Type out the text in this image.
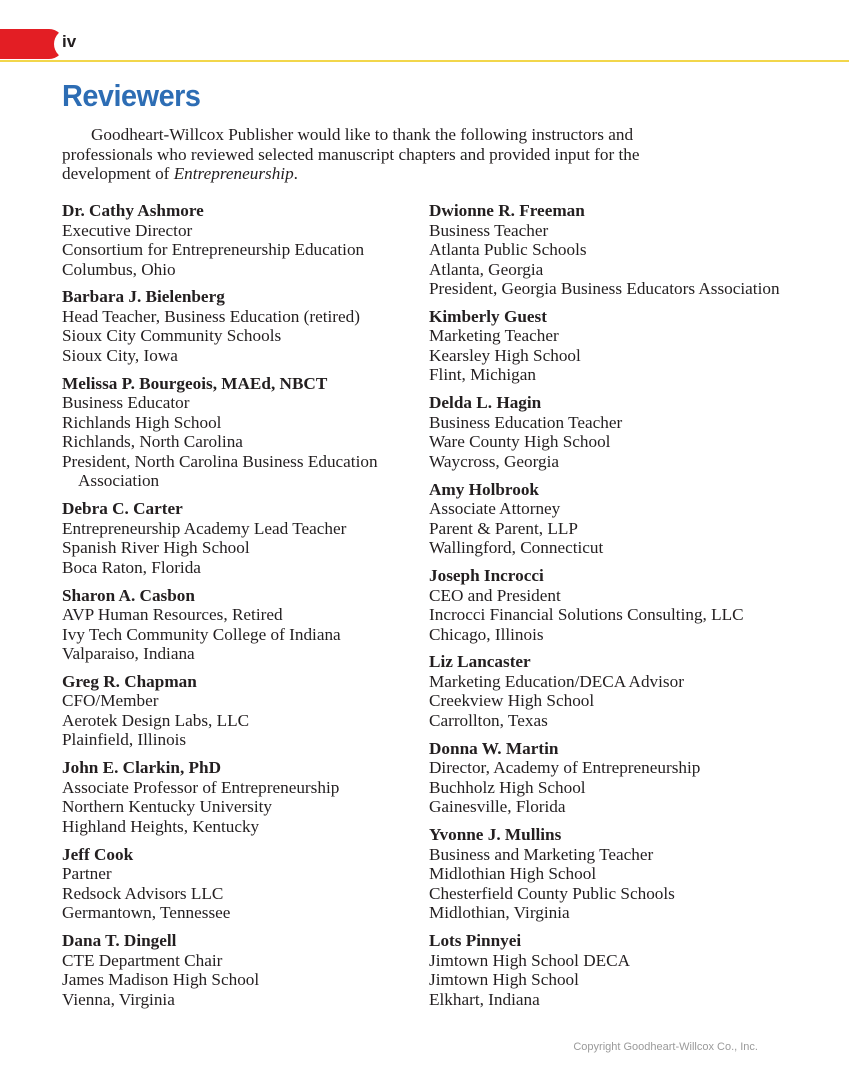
iv
Reviewers

Goodheart-Willcox Publisher would like to thank the following instructors and professionals who reviewed selected manuscript chapters and provided input for the development of Entrepreneurship.

Dr. Cathy Ashmore
Executive Director
Consortium for Entrepreneurship Education
Columbus, Ohio
Barbara J. Bielenberg
Head Teacher, Business Education (retired)
Sioux City Community Schools
Sioux City, Iowa
Melissa P. Bourgeois, MAEd, NBCT
Business Educator
Richlands High School
Richlands, North Carolina
President, North Carolina Business Education Association
Debra C. Carter
Entrepreneurship Academy Lead Teacher
Spanish River High School
Boca Raton, Florida
Sharon A. Casbon
AVP Human Resources, Retired
Ivy Tech Community College of Indiana
Valparaiso, Indiana
Greg R. Chapman
CFO/Member
Aerotek Design Labs, LLC
Plainfield, Illinois
John E. Clarkin, PhD
Associate Professor of Entrepreneurship
Northern Kentucky University
Highland Heights, Kentucky
Jeff Cook
Partner
Redsock Advisors LLC
Germantown, Tennessee
Dana T. Dingell
CTE Department Chair
James Madison High School
Vienna, Virginia
Dwionne R. Freeman
Business Teacher
Atlanta Public Schools
Atlanta, Georgia
President, Georgia Business Educators Association
Kimberly Guest
Marketing Teacher
Kearsley High School
Flint, Michigan
Delda L. Hagin
Business Education Teacher
Ware County High School
Waycross, Georgia
Amy Holbrook
Associate Attorney
Parent & Parent, LLP
Wallingford, Connecticut
Joseph Incrocci
CEO and President
Incrocci Financial Solutions Consulting, LLC
Chicago, Illinois
Liz Lancaster
Marketing Education/DECA Advisor
Creekview High School
Carrollton, Texas
Donna W. Martin
Director, Academy of Entrepreneurship
Buchholz High School
Gainesville, Florida
Yvonne J. Mullins
Business and Marketing Teacher
Midlothian High School
Chesterfield County Public Schools
Midlothian, Virginia
Lots Pinnyei
Jimtown High School DECA
Jimtown High School
Elkhart, Indiana
Copyright Goodheart-Willcox Co., Inc.
